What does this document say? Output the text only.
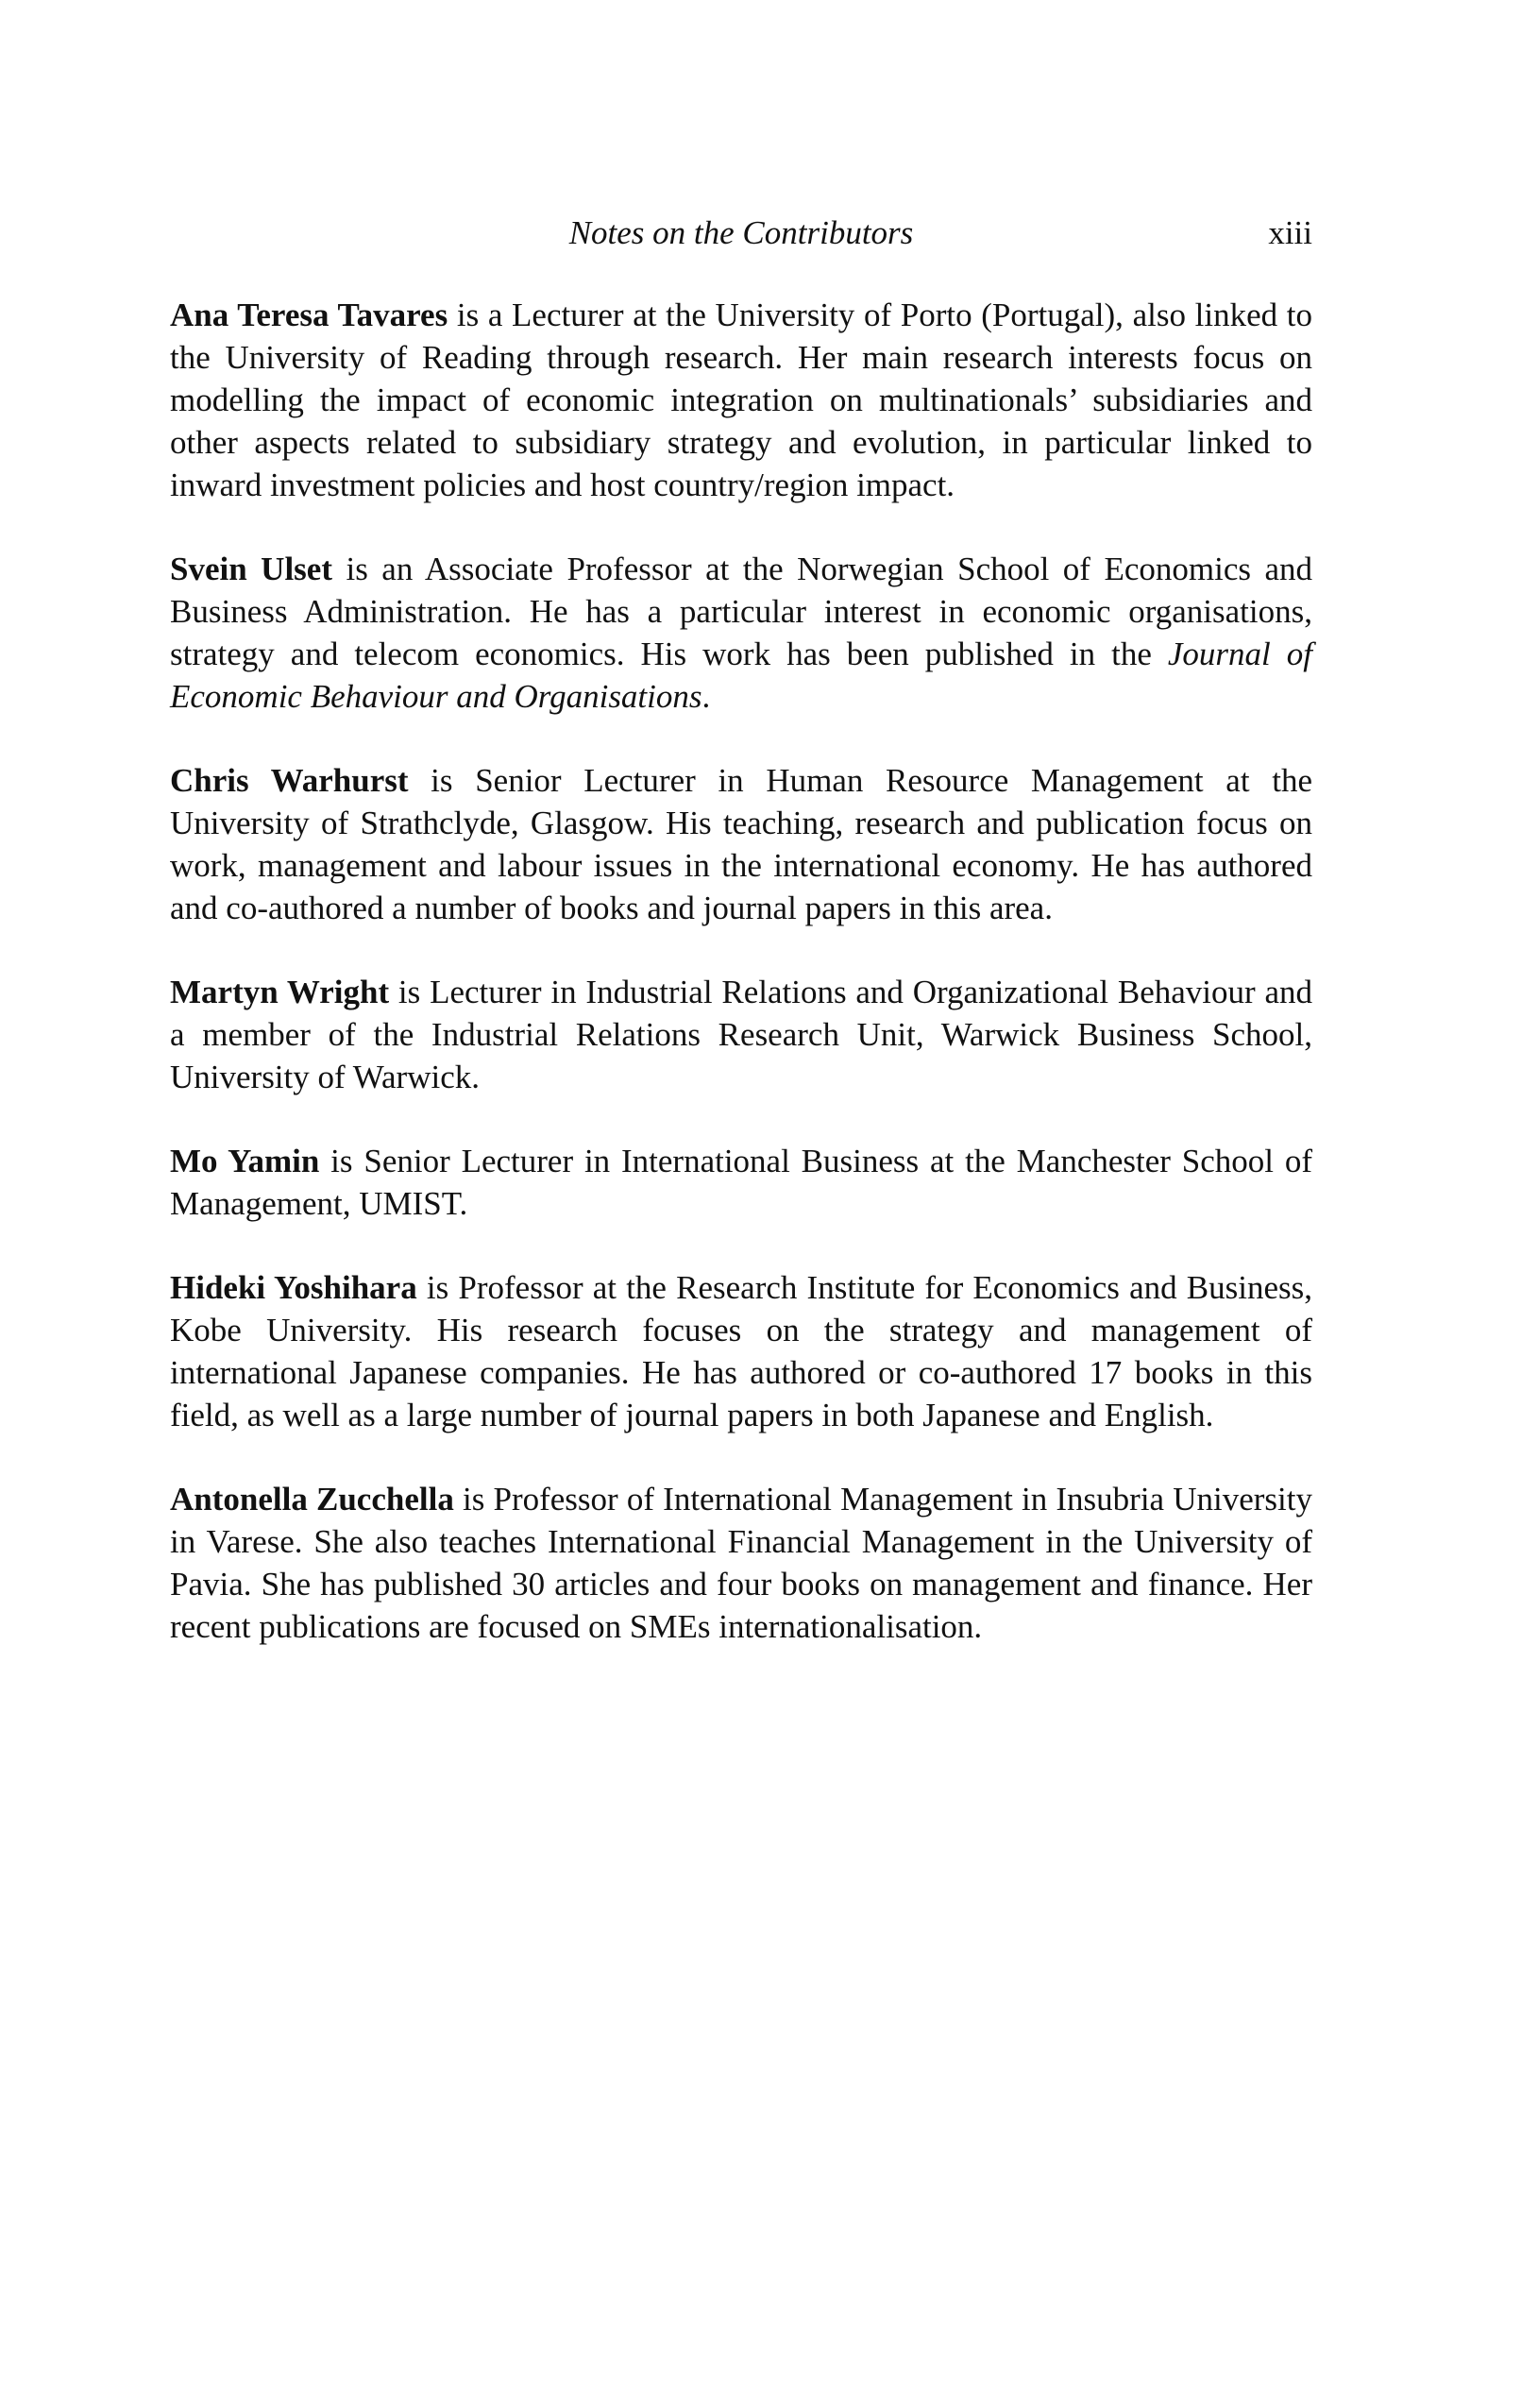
Notes on the Contributors	xiii

Ana Teresa Tavares is a Lecturer at the University of Porto (Portugal), also linked to the University of Reading through research. Her main research interests focus on modelling the impact of economic integration on multinationals’ subsidiaries and other aspects related to subsidiary strategy and evolution, in particular linked to inward investment policies and host country/region impact.

Svein Ulset is an Associate Professor at the Norwegian School of Economics and Business Administration. He has a particular interest in economic organisations, strategy and telecom economics. His work has been published in the Journal of Economic Behaviour and Organisations.

Chris Warhurst is Senior Lecturer in Human Resource Management at the University of Strathclyde, Glasgow. His teaching, research and publication focus on work, management and labour issues in the international economy. He has authored and co-authored a number of books and journal papers in this area.

Martyn Wright is Lecturer in Industrial Relations and Organizational Behaviour and a member of the Industrial Relations Research Unit, Warwick Business School, University of Warwick.

Mo Yamin is Senior Lecturer in International Business at the Manchester School of Management, UMIST.

Hideki Yoshihara is Professor at the Research Institute for Economics and Business, Kobe University. His research focuses on the strategy and management of international Japanese companies. He has authored or co-authored 17 books in this field, as well as a large number of journal papers in both Japanese and English.

Antonella Zucchella is Professor of International Management in Insubria University in Varese. She also teaches International Financial Management in the University of Pavia. She has published 30 articles and four books on management and finance. Her recent publications are focused on SMEs internationalisation.
